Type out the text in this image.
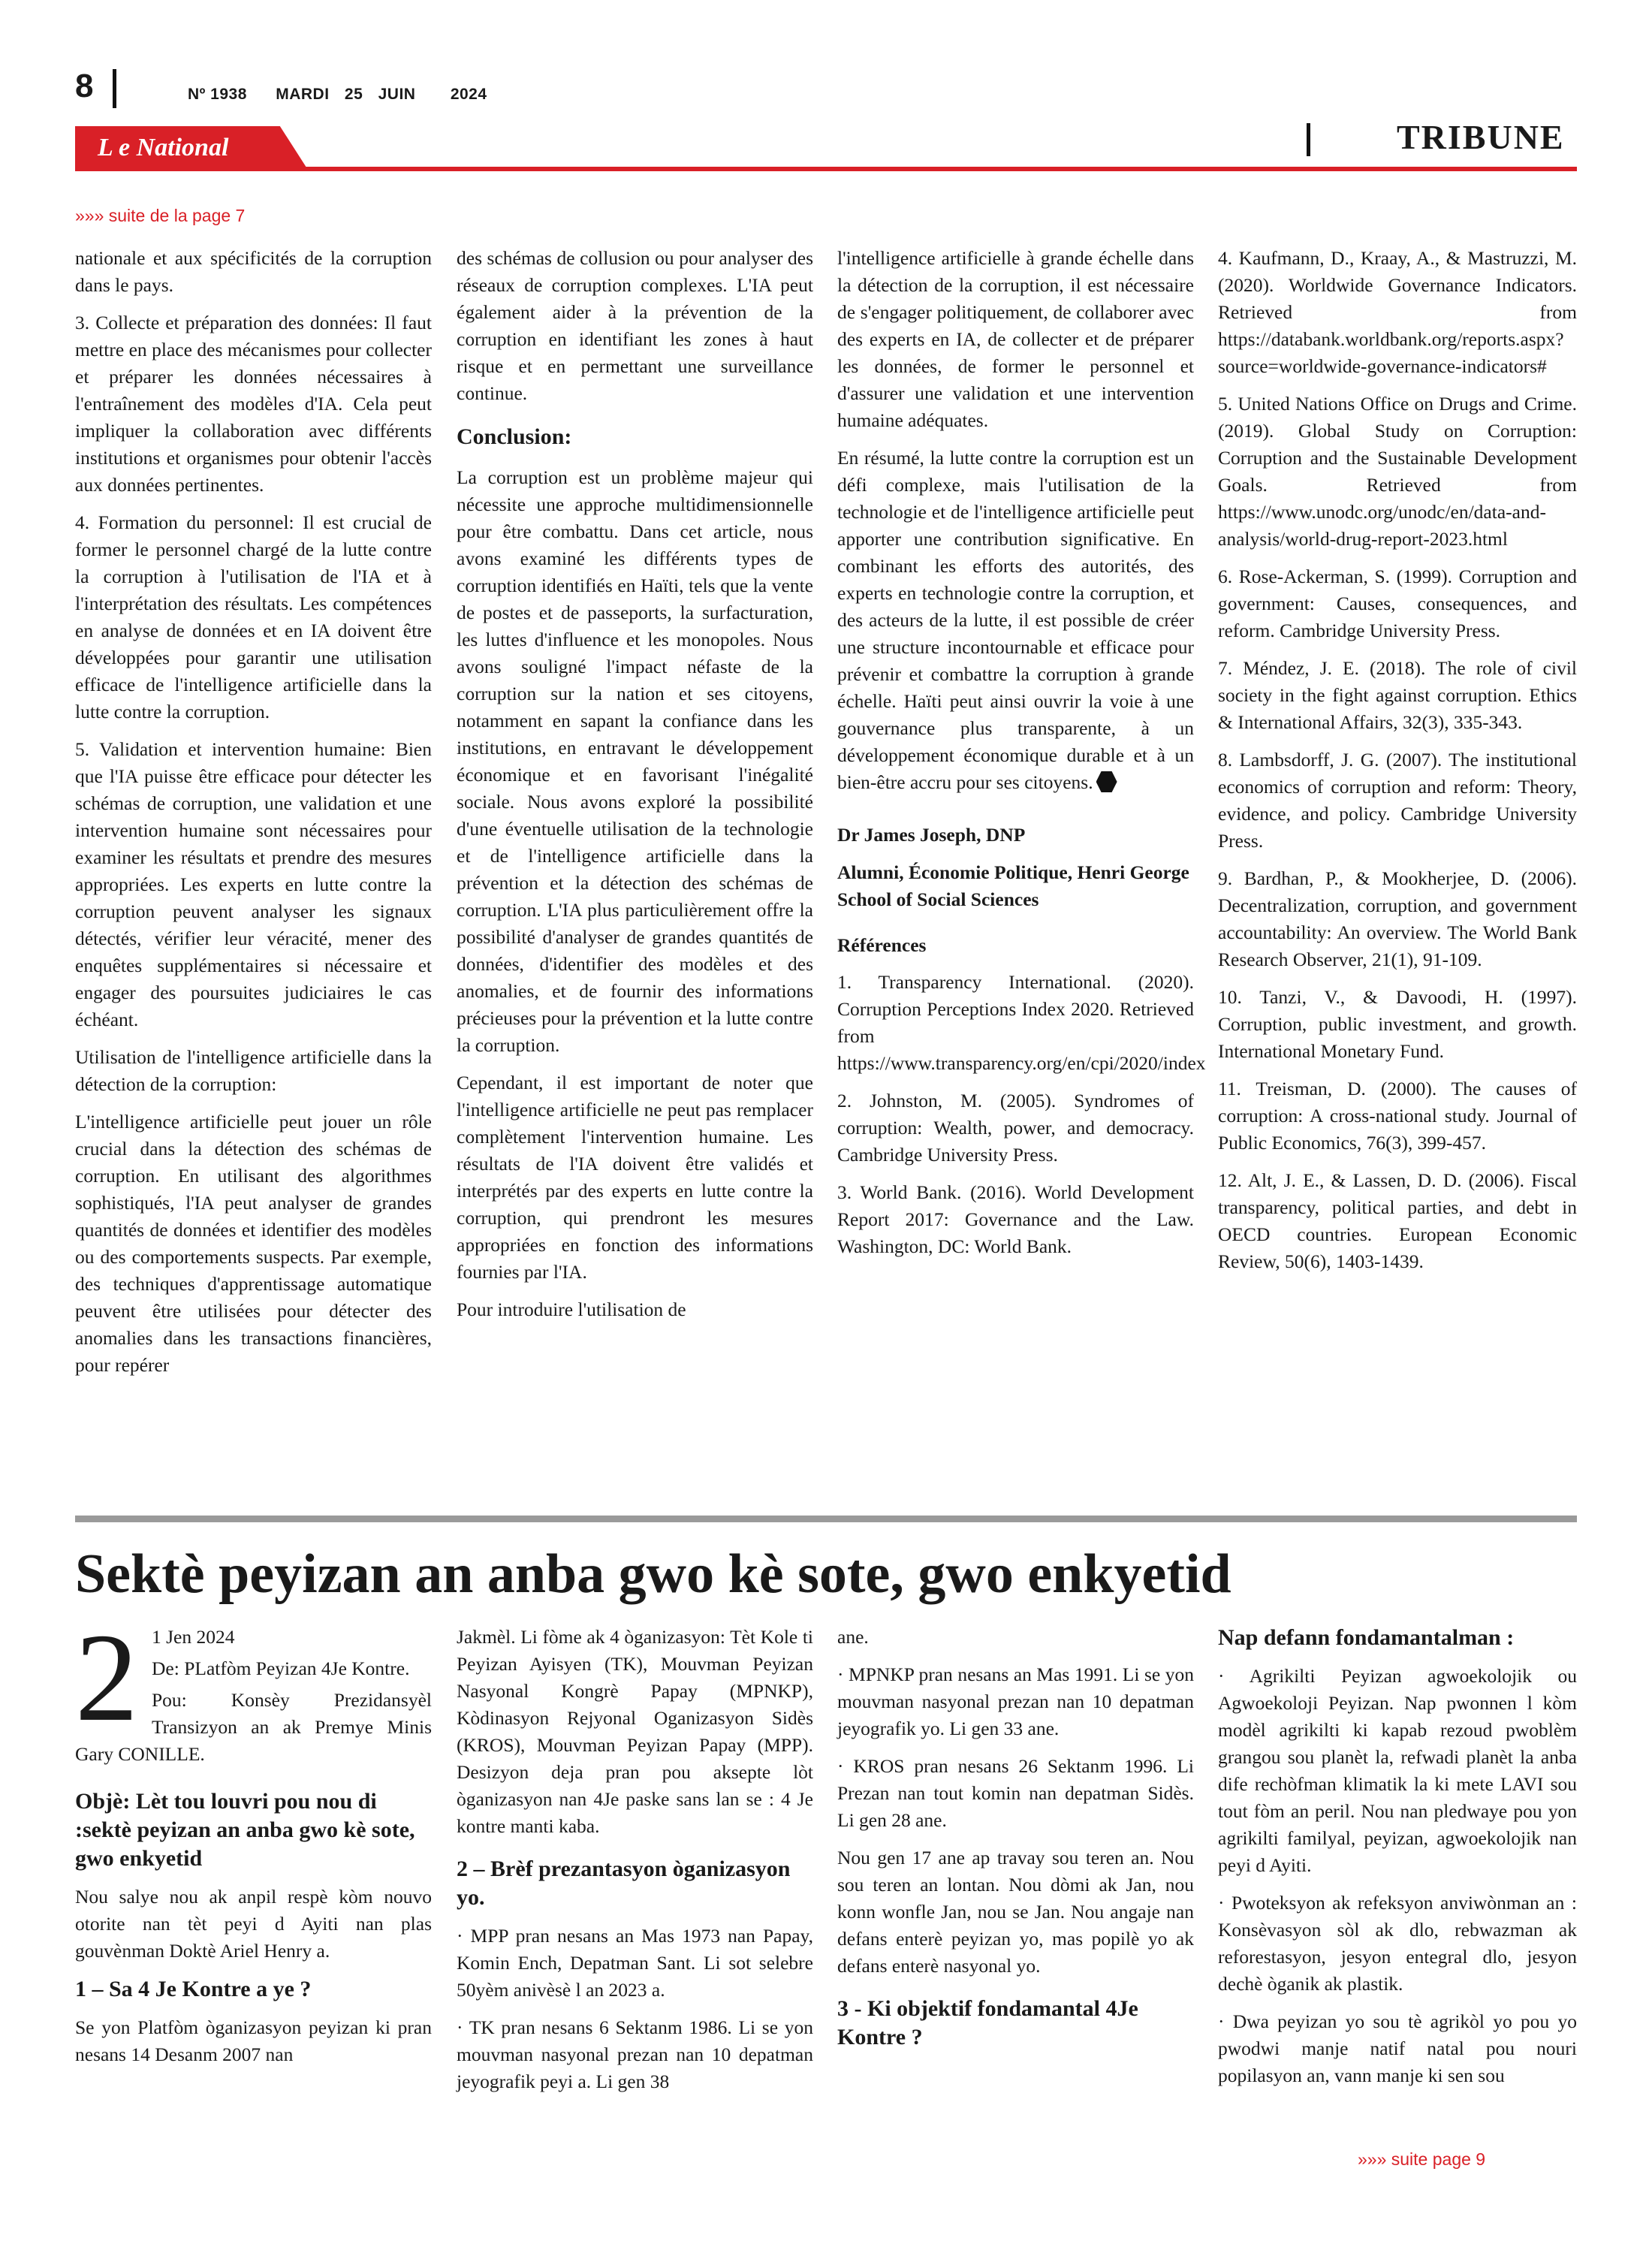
8	Nº 1938 MARDI 25 JUIN 2024
L e National	TRIBUNE
»»» suite de la page 7

nationale et aux spécificités de la corruption dans le pays.

3. Collecte et préparation des données: Il faut mettre en place des mécanismes pour collecter et préparer les données nécessaires à l'entraînement des modèles d'IA. Cela peut impliquer la collaboration avec différents institutions et organismes pour obtenir l'accès aux données pertinentes.

4. Formation du personnel: Il est crucial de former le personnel chargé de la lutte contre la corruption à l'utilisation de l'IA et à l'interprétation des résultats. Les compétences en analyse de données et en IA doivent être développées pour garantir une utilisation efficace de l'intelligence artificielle dans la lutte contre la corruption.

5. Validation et intervention humaine: Bien que l'IA puisse être efficace pour détecter les schémas de corruption, une validation et une intervention humaine sont nécessaires pour examiner les résultats et prendre des mesures appropriées. Les experts en lutte contre la corruption peuvent analyser les signaux détectés, vérifier leur véracité, mener des enquêtes supplémentaires si nécessaire et engager des poursuites judiciaires le cas échéant.

Utilisation de l'intelligence artificielle dans la détection de la corruption:

L'intelligence artificielle peut jouer un rôle crucial dans la détection des schémas de corruption. En utilisant des algorithmes sophistiqués, l'IA peut analyser de grandes quantités de données et identifier des modèles ou des comportements suspects. Par exemple, des techniques d'apprentissage automatique peuvent être utilisées pour détecter des anomalies dans les transactions financières, pour repérer

des schémas de collusion ou pour analyser des réseaux de corruption complexes. L'IA peut également aider à la prévention de la corruption en identifiant les zones à haut risque et en permettant une surveillance continue.

Conclusion:

La corruption est un problème majeur qui nécessite une approche multidimensionnelle pour être combattu. Dans cet article, nous avons examiné les différents types de corruption identifiés en Haïti, tels que la vente de postes et de passeports, la surfacturation, les luttes d'influence et les monopoles. Nous avons souligné l'impact néfaste de la corruption sur la nation et ses citoyens, notamment en sapant la confiance dans les institutions, en entravant le développement économique et en favorisant l'inégalité sociale. Nous avons exploré la possibilité d'une éventuelle utilisation de la technologie et de l'intelligence artificielle dans la prévention et la détection des schémas de corruption. L'IA plus particulièrement offre la possibilité d'analyser de grandes quantités de données, d'identifier des modèles et des anomalies, et de fournir des informations précieuses pour la prévention et la lutte contre la corruption.

Cependant, il est important de noter que l'intelligence artificielle ne peut pas remplacer complètement l'intervention humaine. Les résultats de l'IA doivent être validés et interprétés par des experts en lutte contre la corruption, qui prendront les mesures appropriées en fonction des informations fournies par l'IA.

Pour introduire l'utilisation de

l'intelligence artificielle à grande échelle dans la détection de la corruption, il est nécessaire de s'engager politiquement, de collaborer avec des experts en IA, de collecter et de préparer les données, de former le personnel et d'assurer une validation et une intervention humaine adéquates.

En résumé, la lutte contre la corruption est un défi complexe, mais l'utilisation de la technologie et de l'intelligence artificielle peut apporter une contribution significative. En combinant les efforts des autorités, des experts en technologie contre la corruption, et des acteurs de la lutte, il est possible de créer une structure incontournable et efficace pour prévenir et combattre la corruption à grande échelle. Haïti peut ainsi ouvrir la voie à une gouvernance plus transparente, à un développement économique durable et à un bien-être accru pour ses citoyens.

Dr James Joseph, DNP

Alumni, Économie Politique, Henri George School of Social Sciences

Références

1. Transparency International. (2020). Corruption Perceptions Index 2020. Retrieved from https://www.transparency.org/en/cpi/2020/index

2. Johnston, M. (2005). Syndromes of corruption: Wealth, power, and democracy. Cambridge University Press.

3. World Bank. (2016). World Development Report 2017: Governance and the Law. Washington, DC: World Bank.

4. Kaufmann, D., Kraay, A., & Mastruzzi, M. (2020). Worldwide Governance Indicators. Retrieved from https://databank.worldbank.org/reports.aspx?source=worldwide-governance-indicators#

5. United Nations Office on Drugs and Crime. (2019). Global Study on Corruption: Corruption and the Sustainable Development Goals. Retrieved from https://www.unodc.org/unodc/en/data-and-analysis/world-drug-report-2023.html

6. Rose-Ackerman, S. (1999). Corruption and government: Causes, consequences, and reform. Cambridge University Press.

7. Méndez, J. E. (2018). The role of civil society in the fight against corruption. Ethics & International Affairs, 32(3), 335-343.

8. Lambsdorff, J. G. (2007). The institutional economics of corruption and reform: Theory, evidence, and policy. Cambridge University Press.

9. Bardhan, P., & Mookherjee, D. (2006). Decentralization, corruption, and government accountability: An overview. The World Bank Research Observer, 21(1), 91-109.

10. Tanzi, V., & Davoodi, H. (1997). Corruption, public investment, and growth. International Monetary Fund.

11. Treisman, D. (2000). The causes of corruption: A cross-national study. Journal of Public Economics, 76(3), 399-457.

12. Alt, J. E., & Lassen, D. D. (2006). Fiscal transparency, political parties, and debt in OECD countries. European Economic Review, 50(6), 1403-1439.

Sektè peyizan an anba gwo kè sote, gwo enkyetid
2 1 Jen 2024

De: PLatfòm Peyizan 4Je Kontre.

Pou: Konsèy Prezidansyèl Transizyon an ak Premye Minis Gary CONILLE.

Objè: Lèt tou louvri pou nou di :sektè peyizan an anba gwo kè sote, gwo enkyetid

Nou salye nou ak anpil respè kòm nouvo otorite nan tèt peyi d Ayiti nan plas gouvènman Doktè Ariel Henry a.

1 – Sa 4 Je Kontre a ye ?

Se yon Platfòm òganizasyon peyizan ki pran nesans 14 Desanm 2007 nan

Jakmèl. Li fòme ak 4 òganizasyon: Tèt Kole ti Peyizan Ayisyen (TK), Mouvman Peyizan Nasyonal Kongrè Papay (MPNKP), Kòdinasyon Rejyonal Oganizasyon Sidès (KROS), Mouvman Peyizan Papay (MPP). Desizyon deja pran pou aksepte lòt òganizasyon nan 4Je paske sans lan se : 4 Je kontre manti kaba.

2 – Brèf prezantasyon òganizasyon yo.

· MPP pran nesans an Mas 1973 nan Papay, Komin Ench, Depatman Sant. Li sot selebre 50yèm anivèsè l an 2023 a.

· TK pran nesans 6 Sektanm 1986. Li se yon mouvman nasyonal prezan nan 10 depatman jeyografik peyi a. Li gen 38

ane.

· MPNKP pran nesans an Mas 1991. Li se yon mouvman nasyonal prezan nan 10 depatman jeyografik yo. Li gen 33 ane.

· KROS pran nesans 26 Sektanm 1996. Li Prezan nan tout komin nan depatman Sidès. Li gen 28 ane.

Nou gen 17 ane ap travay sou teren an. Nou sou teren an lontan. Nou dòmi ak Jan, nou konn wonfle Jan, nou se Jan. Nou angaje nan defans enterè peyizan yo, mas popilè yo ak defans enterè nasyonal yo.

3 - Ki objektif fondamantal 4Je Kontre ?
Nap defann fondamantalman :

· Agrikilti Peyizan agwoekolojik ou Agwoekoloji Peyizan. Nap pwonnen l kòm modèl agrikilti ki kapab rezoud pwoblèm grangou sou planèt la, refwadi planèt la anba dife rechòfman klimatik la ki mete LAVI sou tout fòm an peril. Nou nan pledwaye pou yon agrikilti familyal, peyizan, agwoekolojik nan peyi d Ayiti.

· Pwoteksyon ak refeksyon anviwònman an : Konsèvasyon sòl ak dlo, rebwazman ak reforestasyon, jesyon entegral dlo, jesyon dechè òganik ak plastik.

· Dwa peyizan yo sou tè agrikòl yo pou yo pwodwi manje natif natal pou nouri popilasyon an, vann manje ki sen sou

»»» suite page 9
